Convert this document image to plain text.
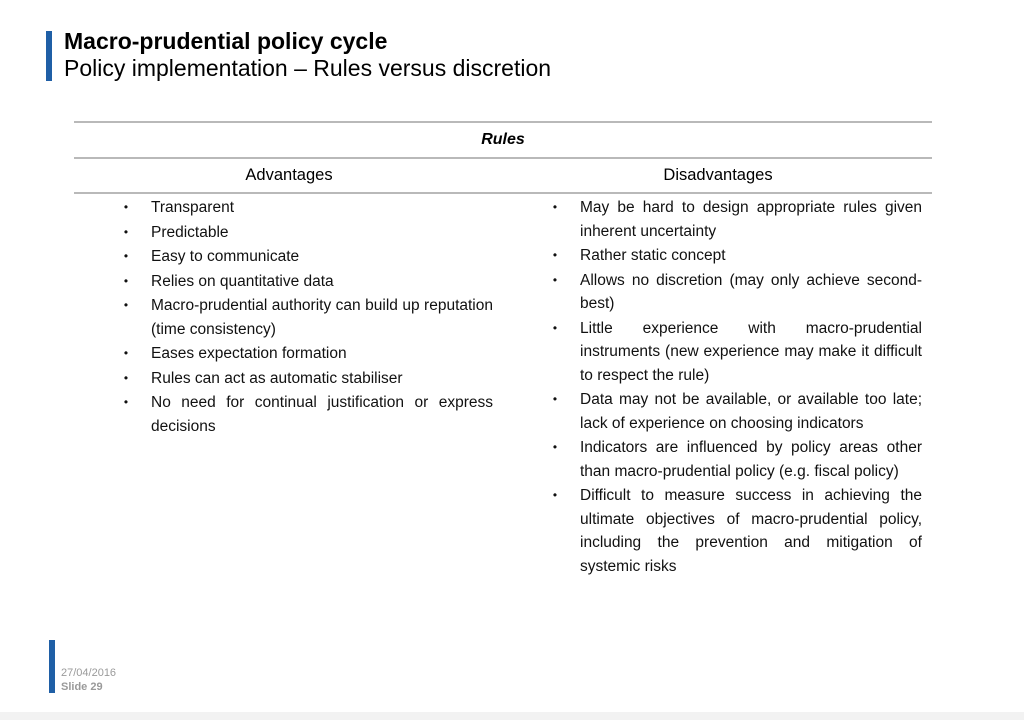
Macro-prudential policy cycle
Policy implementation – Rules versus discretion
Rules
Advantages	Disadvantages
• Transparent
• Predictable
• Easy to communicate
• Relies on quantitative data
• Macro-prudential authority can build up reputation (time consistency)
• Eases expectation formation
• Rules can act as automatic stabiliser
• No need for continual justification or express decisions
• May be hard to design appropriate rules given inherent uncertainty
• Rather static concept
• Allows no discretion (may only achieve second-best)
• Little experience with macro-prudential instruments (new experience may make it difficult to respect the rule)
• Data may not be available, or available too late; lack of experience on choosing indicators
• Indicators are influenced by policy areas other than macro-prudential policy (e.g. fiscal policy)
• Difficult to measure success in achieving the ultimate objectives of macro-prudential policy, including the prevention and mitigation of systemic risks
27/04/2016
Slide 29
